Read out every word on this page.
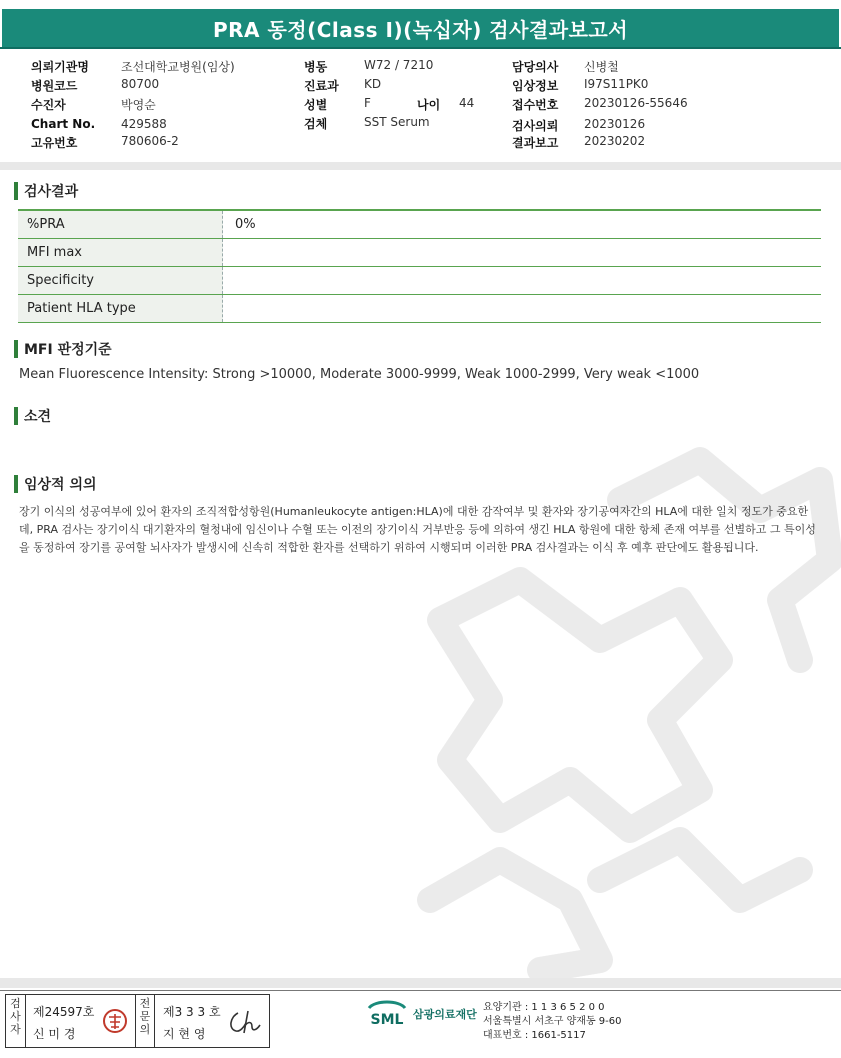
PRA 동정(Class I)(녹십자) 검사결과보고서
의뢰기관명	조선대학교병원(임상)
병원코드	80700
수진자	박영순
Chart No. 429588
고유번호	780606-2
병동	W72 / 7210
진료과 KD
성별	F	나이 44
검체	SST Serum
담당의사 신병철
임상정보 I97S11PK0
접수번호 20230126-55646
검사의뢰 20230126
결과보고 20230202
검사결과
%PRA	0%
MFI max
Specificity
Patient HLA type
MFI 판정기준
Mean Fluorescence Intensity: Strong >10000, Moderate 3000-9999, Weak 1000-2999, Very weak <1000
소견
임상적 의의
장기 이식의 성공여부에 있어 환자의 조직적합성항원(Humanleukocyte antigen:HLA)에 대한 감작여부 및 환자와 장기공여자간의 HLA에 대한 일치 정도가 중요한데, PRA 검사는 장기이식 대기환자의 혈청내에 임신이나 수혈 또는 이전의 장기이식 거부반응 등에 의하여 생긴 HLA 항원에 대한 항체 존재 여부를 선별하고 그 특이성을 동정하여 장기를 공여할 뇌사자가 발생시에 신속히 적합한 환자를 선택하기 위하여 시행되며 이러한 PRA 검사결과는 이식 후 예후 판단에도 활용됩니다.
검사자
제24597호
신 미 경
전문의
제3 3 3 호
지 현 영
SML 삼광의료재단
요양기관 : 1 1 3 6 5 2 0 0
서울특별시 서초구 양재동 9-60
대표번호 : 1661-5117
